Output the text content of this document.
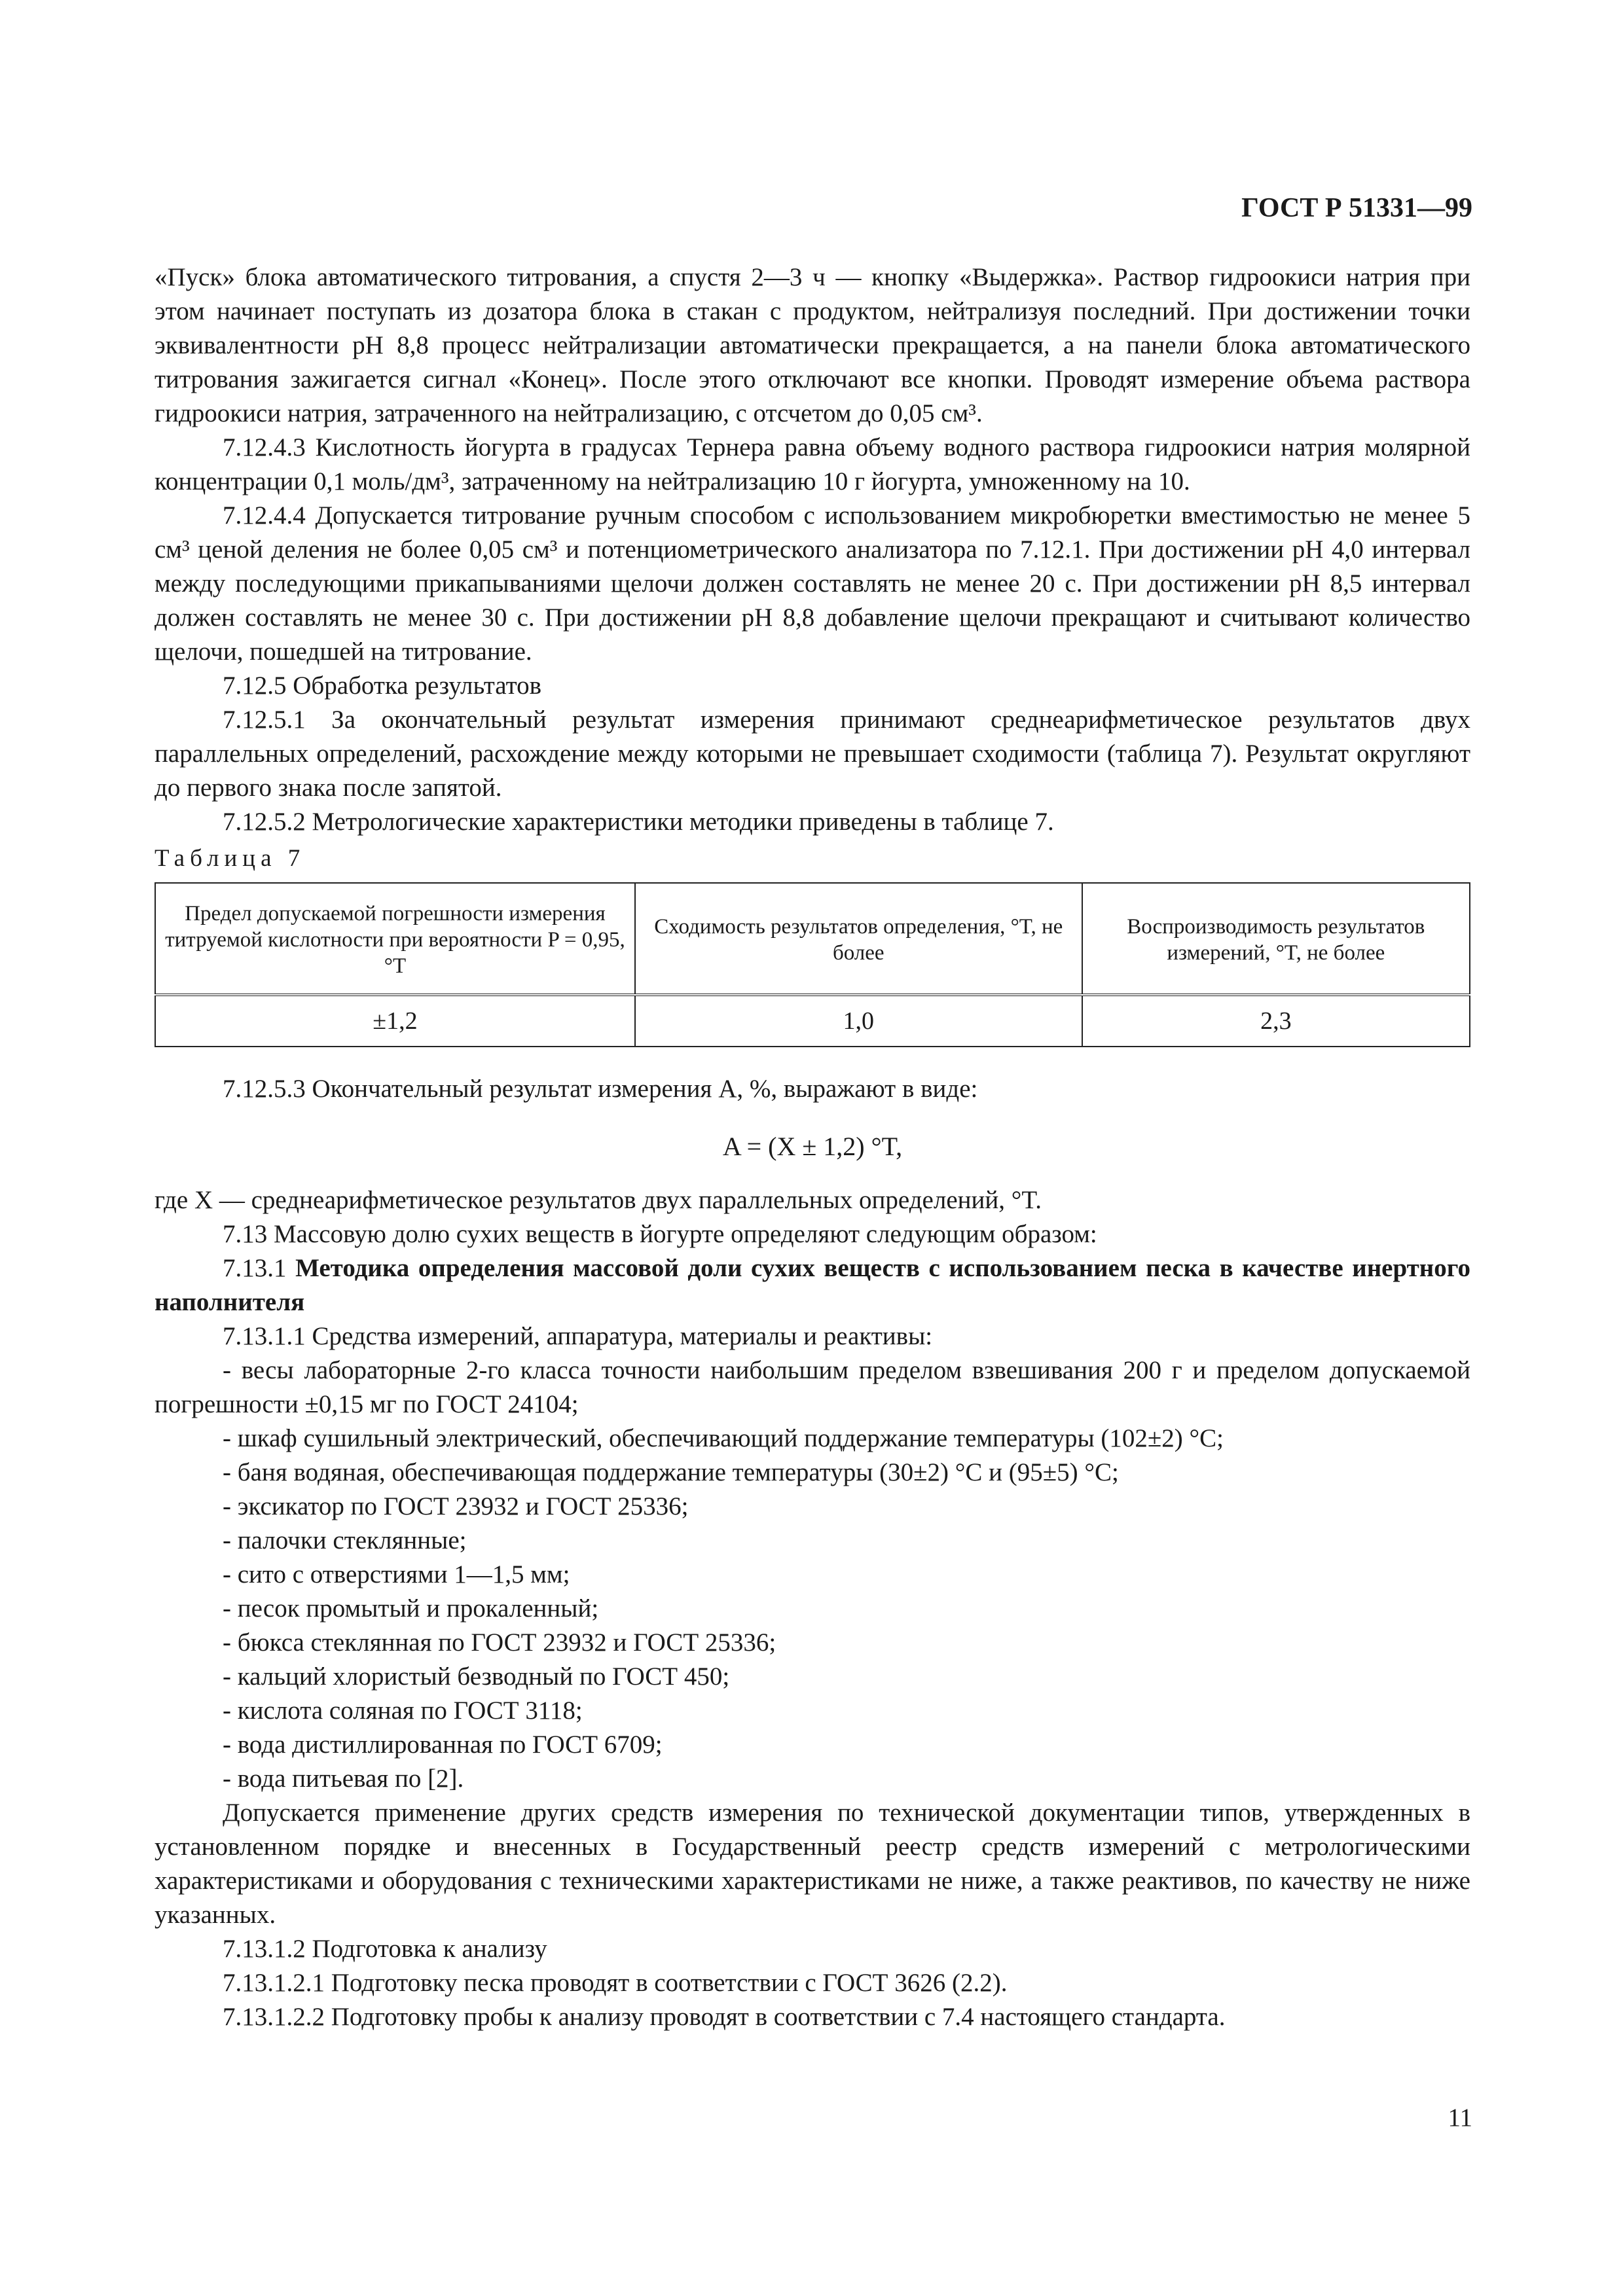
ГОСТ Р 51331—99

«Пуск» блока автоматического титрования, а спустя 2—3 ч — кнопку «Выдержка». Раствор гидроокиси натрия при этом начинает поступать из дозатора блока в стакан с продуктом, нейтрализуя последний. При достижении точки эквивалентности pH 8,8 процесс нейтрализации автоматически прекращается, а на панели блока автоматического титрования зажигается сигнал «Конец». После этого отключают все кнопки. Проводят измерение объема раствора гидроокиси натрия, затраченного на нейтрализацию, с отсчетом до 0,05 см³.

7.12.4.3 Кислотность йогурта в градусах Тернера равна объему водного раствора гидроокиси натрия молярной концентрации 0,1 моль/дм³, затраченному на нейтрализацию 10 г йогурта, умноженному на 10.

7.12.4.4 Допускается титрование ручным способом с использованием микробюретки вместимостью не менее 5 см³ ценой деления не более 0,05 см³ и потенциометрического анализатора по 7.12.1. При достижении pH 4,0 интервал между последующими прикапываниями щелочи должен составлять не менее 20 с. При достижении pH 8,5 интервал должен составлять не менее 30 с. При достижении pH 8,8 добавление щелочи прекращают и считывают количество щелочи, пошедшей на титрование.

7.12.5 Обработка результатов

7.12.5.1 За окончательный результат измерения принимают среднеарифметическое результатов двух параллельных определений, расхождение между которыми не превышает сходимости (таблица 7). Результат округляют до первого знака после запятой.

7.12.5.2 Метрологические характеристики методики приведены в таблице 7.

Таблица 7
Предел допускаемой погрешности измерения титруемой кислотности при вероятности P = 0,95, °T	Сходимость результатов определения, °T, не более	Воспроизводимость результатов измерений, °T, не более
±1,2	1,0	2,3

7.12.5.3 Окончательный результат измерения A, %, выражают в виде:

A = (X ± 1,2) °T,

где X — среднеарифметическое результатов двух параллельных определений, °T.

7.13 Массовую долю сухих веществ в йогурте определяют следующим образом:

7.13.1 Методика определения массовой доли сухих веществ с использованием песка в качестве инертного наполнителя

7.13.1.1 Средства измерений, аппаратура, материалы и реактивы:

- весы лабораторные 2-го класса точности наибольшим пределом взвешивания 200 г и пределом допускаемой погрешности ±0,15 мг по ГОСТ 24104;

- шкаф сушильный электрический, обеспечивающий поддержание температуры (102±2) °С;

- баня водяная, обеспечивающая поддержание температуры (30±2) °С и (95±5) °С;

- эксикатор по ГОСТ 23932 и ГОСТ 25336;

- палочки стеклянные;

- сито с отверстиями 1—1,5 мм;

- песок промытый и прокаленный;

- бюкса стеклянная по ГОСТ 23932 и ГОСТ 25336;

- кальций хлористый безводный по ГОСТ 450;

- кислота соляная по ГОСТ 3118;

- вода дистиллированная по ГОСТ 6709;

- вода питьевая по [2].

Допускается применение других средств измерения по технической документации типов, утвержденных в установленном порядке и внесенных в Государственный реестр средств измерений с метрологическими характеристиками и оборудования с техническими характеристиками не ниже, а также реактивов, по качеству не ниже указанных.

7.13.1.2 Подготовка к анализу

7.13.1.2.1 Подготовку песка проводят в соответствии с ГОСТ 3626 (2.2).

7.13.1.2.2 Подготовку пробы к анализу проводят в соответствии с 7.4 настоящего стандарта.

11
